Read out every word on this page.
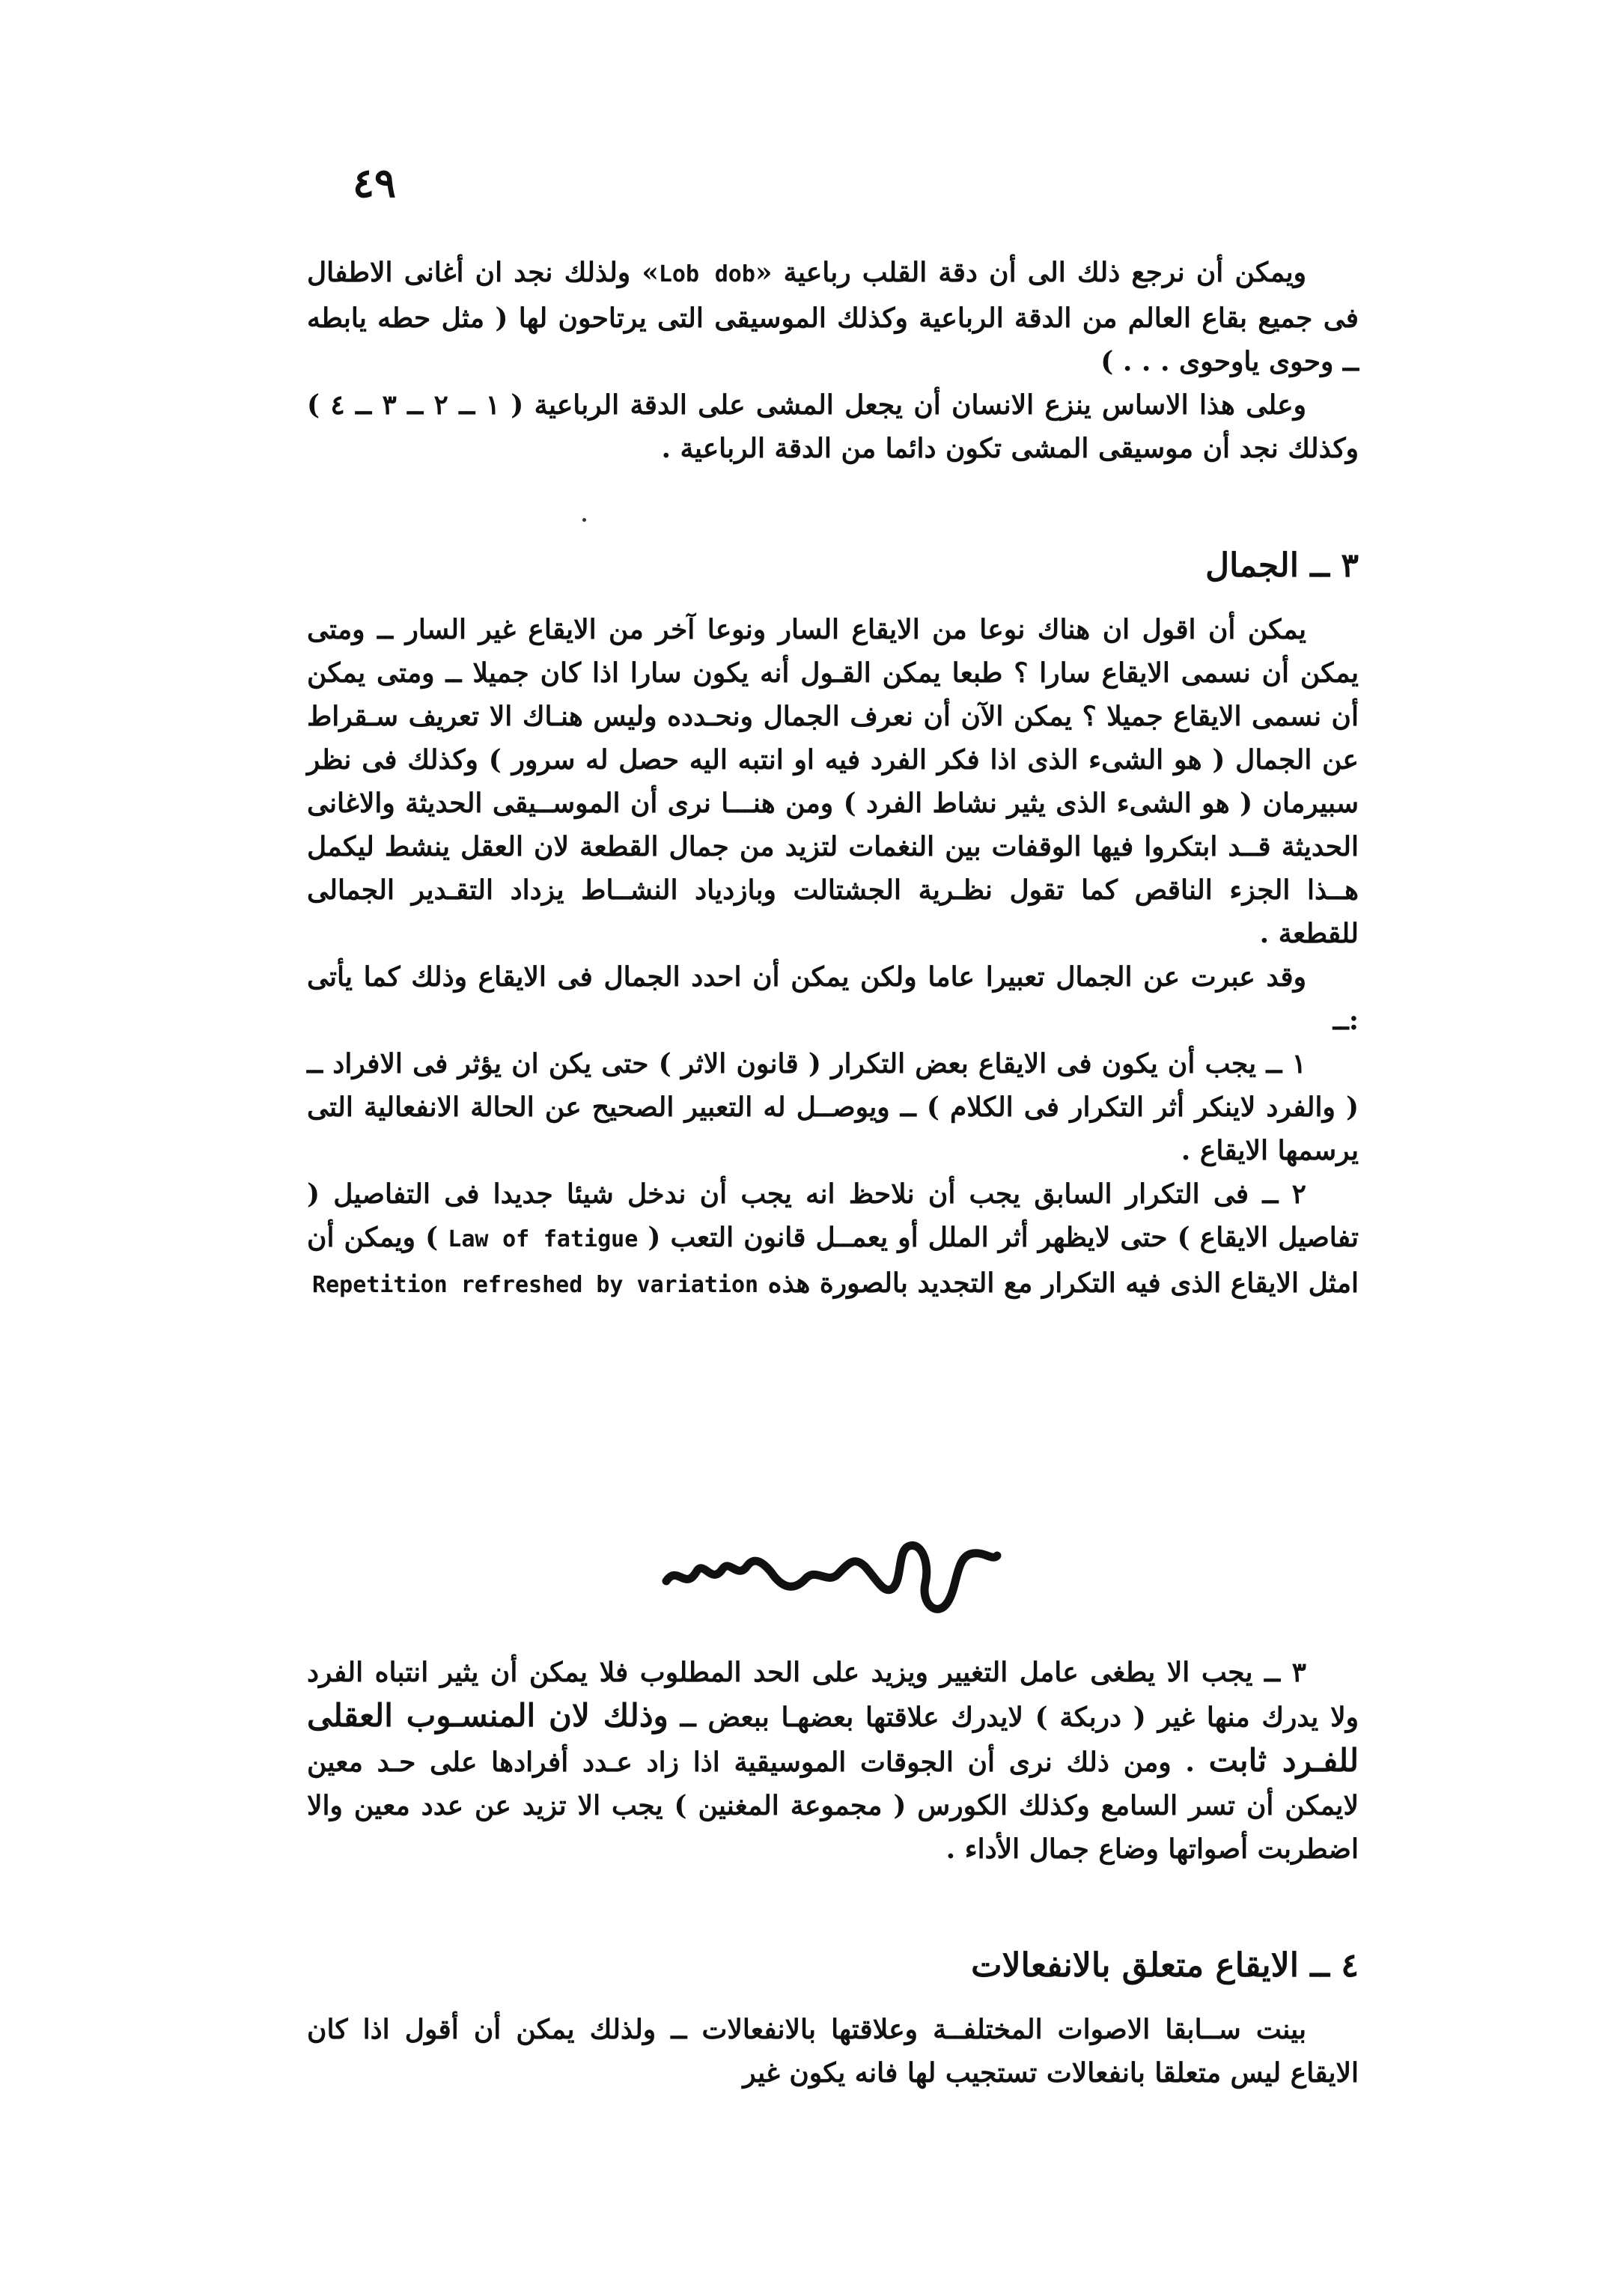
٤٩

ويمكن أن نرجع ذلك الى أن دقة القلب رباعية «Lob dob» ولذلك نجد ان أغانى الاطفال فى جميع بقاع العالم من الدقة الرباعية وكذلك الموسيقى التى يرتاحون لها ( مثل حطه يابطه ــ وحوى ياوحوى . . . )

وعلى هذا الاساس ينزع الانسان أن يجعل المشى على الدقة الرباعية ( ١ ــ ٢ ــ ٣ ــ ٤ ) وكذلك نجد أن موسيقى المشى تكون دائما من الدقة الرباعية .

٣ ــ الجمال

يمكن أن اقول ان هناك نوعا من الايقاع السار ونوعا آخر من الايقاع غير السار ــ ومتى يمكن أن نسمى الايقاع سارا ؟ طبعا يمكن القـول أنه يكون سارا اذا كان جميلا ــ ومتى يمكن أن نسمى الايقاع جميلا ؟ يمكن الآن أن نعرف الجمال ونحـدده وليس هنـاك الا تعريف سـقراط عن الجمال ( هو الشىء الذى اذا فكر الفرد فيه او انتبه اليه حصل له سرور ) وكذلك فى نظر سبيرمان ( هو الشىء الذى يثير نشاط الفرد ) ومن هنـــا نرى أن الموســيقى الحديثة والاغانى الحديثة قــد ابتكروا فيها الوقفات بين النغمات لتزيد من جمال القطعة لان العقل ينشط ليكمل هــذا الجزء الناقص كما تقول نظـرية الجشتالت وبازدياد النشــاط يزداد التقـدير الجمالى للقطعة .

وقد عبرت عن الجمال تعبيرا عاما ولكن يمكن أن احدد الجمال فى الايقاع وذلك كما يأتى :ــ

١ ــ يجب أن يكون فى الايقاع بعض التكرار ( قانون الاثر ) حتى يكن ان يؤثر فى الافراد ــ ( والفرد لاينكر أثر التكرار فى الكلام ) ــ ويوصــل له التعبير الصحيح عن الحالة الانفعالية التى يرسمها الايقاع .

٢ ــ فى التكرار السابق يجب أن نلاحظ انه يجب أن ندخل شيئا جديدا فى التفاصيل ( تفاصيل الايقاع ) حتى لايظهر أثر الملل أو يعمــل قانون التعب ( Law of fatigue ) ويمكن أن امثل الايقاع الذى فيه التكرار مع التجديد بالصورة هذه Repetition refreshed by variation

٣ ــ يجب الا يطغى عامل التغيير ويزيد على الحد المطلوب فلا يمكن أن يثير انتباه الفرد ولا يدرك منها غير ( دربكة ) لايدرك علاقتها بعضهـا ببعض ــ وذلك لان المنسـوب العقلى للفـرد ثابت . ومن ذلك نرى أن الجوقات الموسيقية اذا زاد عـدد أفرادها على حـد معين لايمكن أن تسر السامع وكذلك الكورس ( مجموعة المغنين ) يجب الا تزيد عن عدد معين والا اضطربت أصواتها وضاع جمال الأداء .

٤ ــ الايقاع متعلق بالانفعالات

بينت ســابقا الاصوات المختلفــة وعلاقتها بالانفعالات ــ ولذلك يمكن أن أقول اذا كان الايقاع ليس متعلقا بانفعالات تستجيب لها فانه يكون غير
